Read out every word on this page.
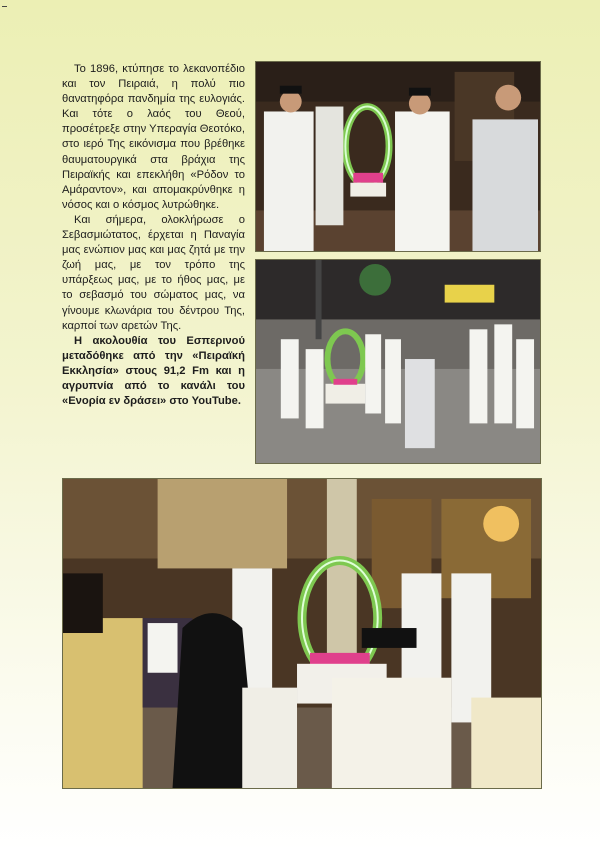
Το 1896, κτύπησε το λεκανοπέδιο και τον Πειραιά, η πολύ πιο θανατηφόρα πανδημία της ευλογιάς. Και τότε ο λαός του Θεού, προσέτρεξε στην Υπεραγία Θεοτόκο, στο ιερό Της εικόνισμα που βρέθηκε θαυματουργικά στα βράχια της Πειραϊκής και επεκλήθη «Ρόδον το Αμάραντον», και απομακρύνθηκε η νόσος και ο κόσμος λυτρώθηκε.

Και σήμερα, ολοκλήρωσε ο Σεβασμιώτατος, έρχεται η Παναγία μας ενώπιον μας και μας ζητά με την ζωή μας, με τον τρόπο της υπάρξεως μας, με το ήθος μας, με το σεβασμό του σώματος μας, να γίνουμε κλωνάρια του δέντρου Της, καρποί των αρετών Της.

Η ακολουθία του Εσπερινού μεταδόθηκε από την «Πειραϊκή Εκκλησία» στους 91,2 Fm και η αγρυπνία από το κανάλι του «Ενορία εν δράσει» στο YouTube.
